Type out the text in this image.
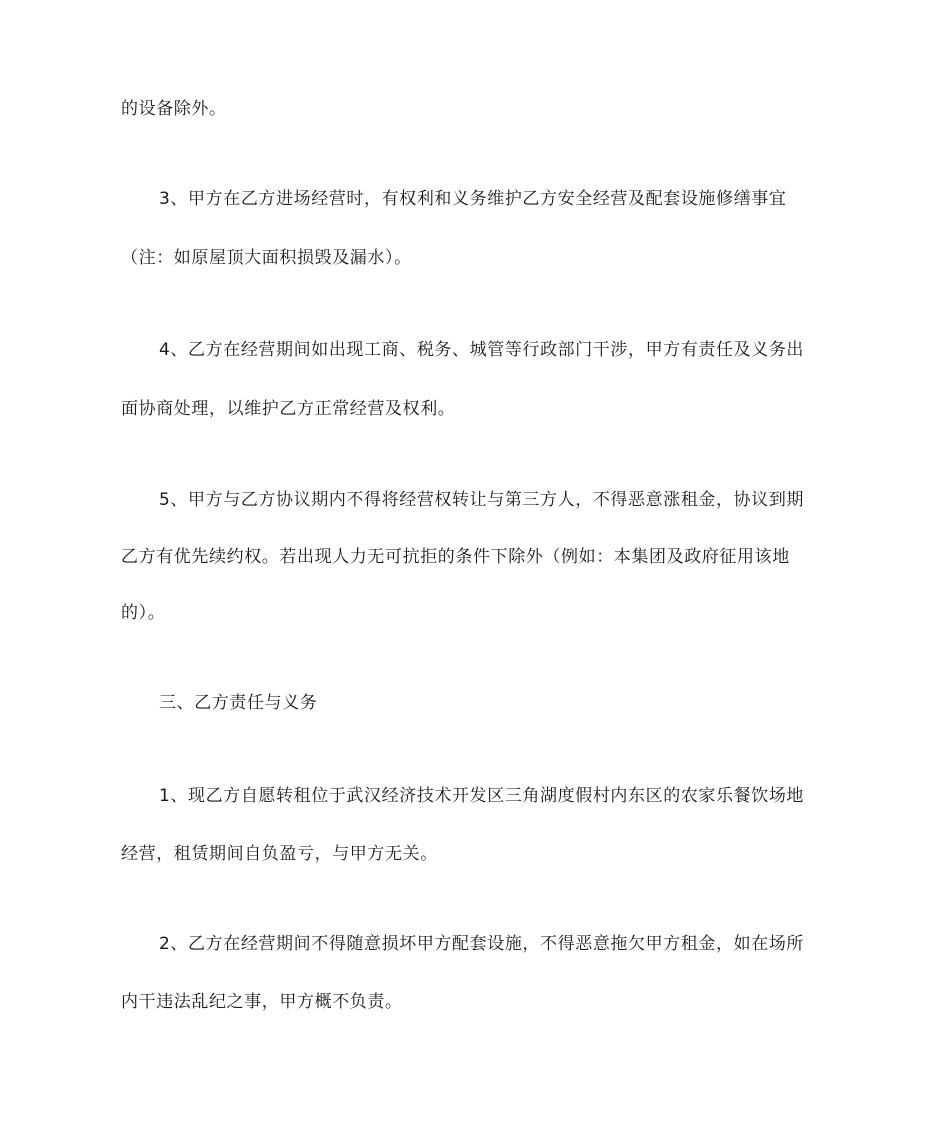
的设备除外。
3、甲方在乙方进场经营时，有权利和义务维护乙方安全经营及配套设施修缮事宜
（注：如原屋顶大面积损毁及漏水）。
4、乙方在经营期间如出现工商、税务、城管等行政部门干涉，甲方有责任及义务出
面协商处理，以维护乙方正常经营及权利。
5、甲方与乙方协议期内不得将经营权转让与第三方人，不得恶意涨租金，协议到期
乙方有优先续约权。若出现人力无可抗拒的条件下除外（例如：本集团及政府征用该地
的）。
三、乙方责任与义务
1、现乙方自愿转租位于武汉经济技术开发区三角湖度假村内东区的农家乐餐饮场地
经营，租赁期间自负盈亏，与甲方无关。
2、乙方在经营期间不得随意损坏甲方配套设施，不得恶意拖欠甲方租金，如在场所
内干违法乱纪之事，甲方概不负责。
